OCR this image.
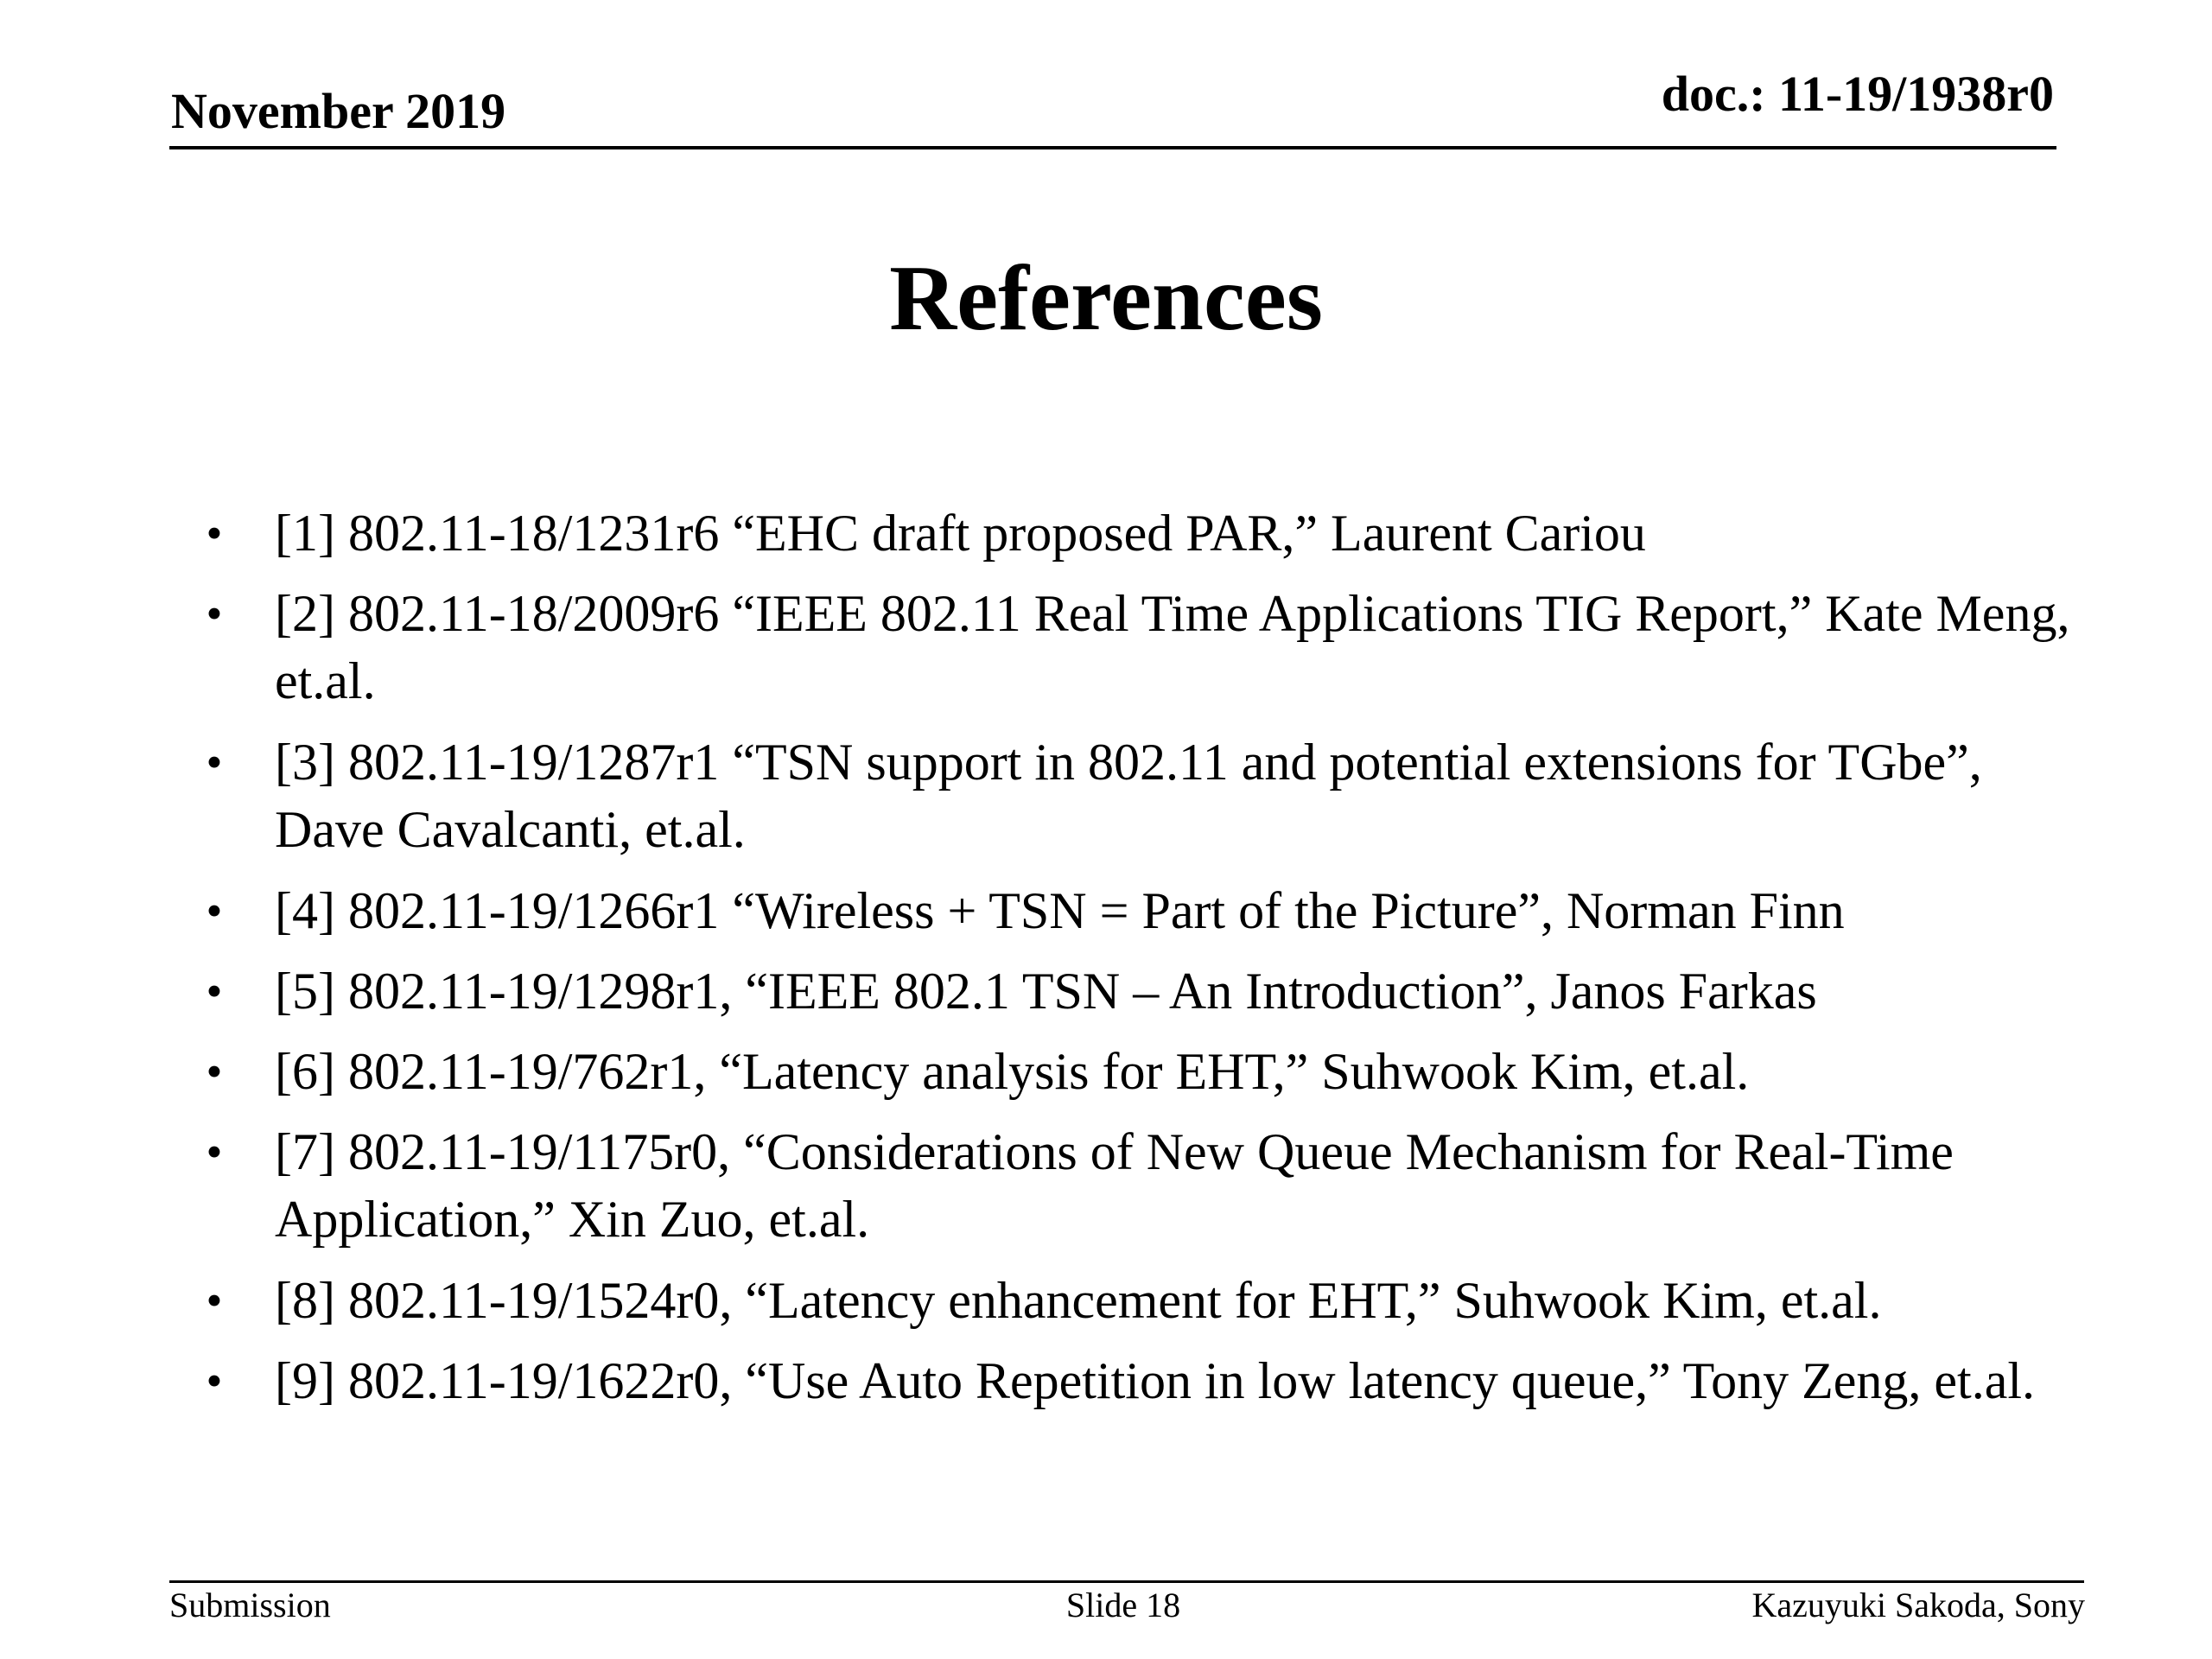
November 2019	doc.: 11-19/1938r0
References
•	[1] 802.11-18/1231r6 “EHC draft proposed PAR,” Laurent Cariou
•	[2] 802.11-18/2009r6 “IEEE 802.11 Real Time Applications TIG Report,” Kate Meng, et.al.
•	[3] 802.11-19/1287r1 “TSN support in 802.11 and potential extensions for TGbe”, Dave Cavalcanti, et.al.
•	[4] 802.11-19/1266r1 “Wireless + TSN = Part of the Picture”, Norman Finn
•	[5] 802.11-19/1298r1, “IEEE 802.1 TSN – An Introduction”, Janos Farkas
•	[6] 802.11-19/762r1, “Latency analysis for EHT,” Suhwook Kim, et.al.
•	[7] 802.11-19/1175r0, “Considerations of New Queue Mechanism for Real-Time Application,” Xin Zuo, et.al.
•	[8] 802.11-19/1524r0, “Latency enhancement for EHT,” Suhwook Kim, et.al.
•	[9] 802.11-19/1622r0, “Use Auto Repetition in low latency queue,” Tony Zeng, et.al.
Submission	Slide 18	Kazuyuki Sakoda, Sony
